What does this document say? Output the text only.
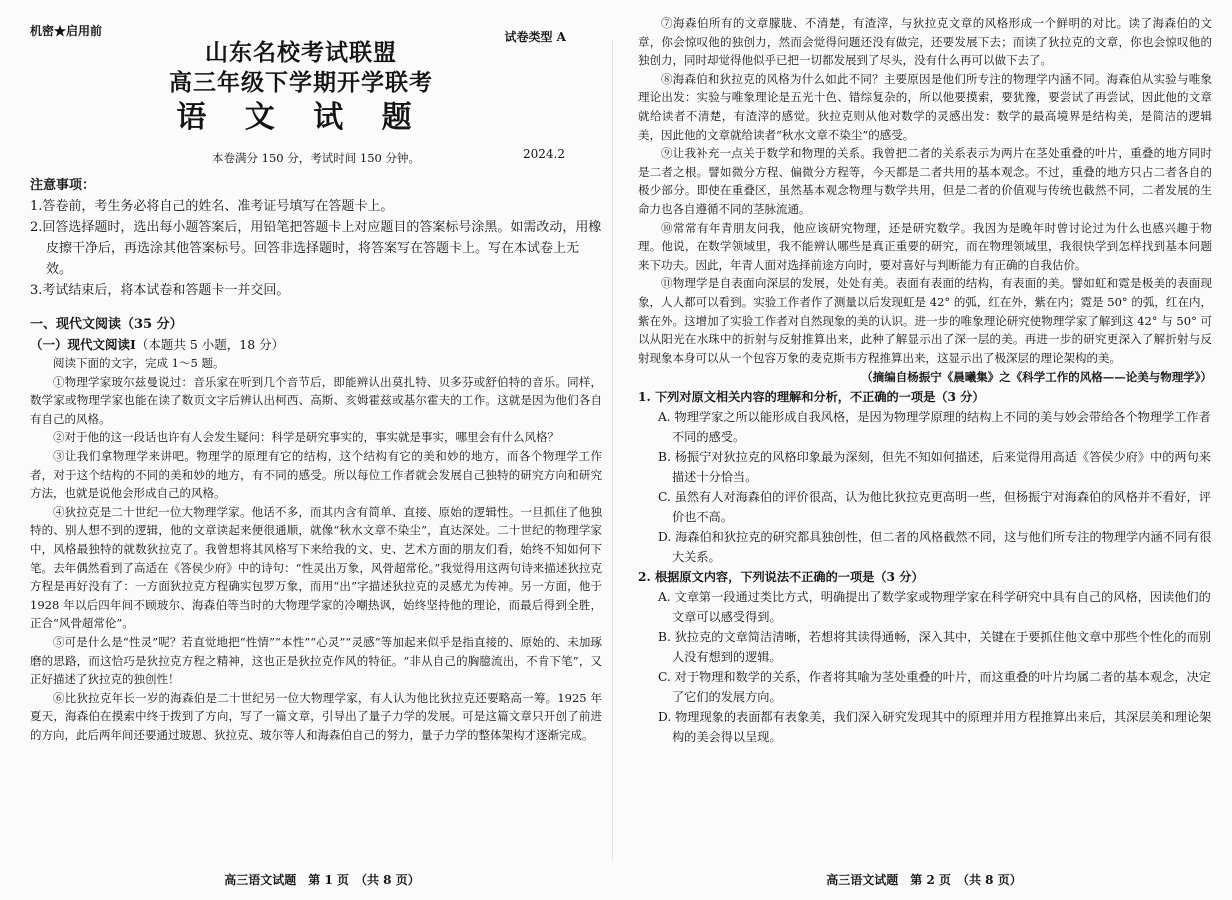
机密★启用前	试卷类型 A
山东名校考试联盟
高三年级下学期开学联考
语 文 试 题
2024.2
本卷满分 150 分，考试时间 150 分钟。
注意事项：
1.答卷前，考生务必将自己的姓名、准考证号填写在答题卡上。
2.回答选择题时，选出每小题答案后，用铅笔把答题卡上对应题目的答案标号涂黑。如需改动，用橡皮擦干净后，再选涂其他答案标号。回答非选择题时，将答案写在答题卡上。写在本试卷上无效。
3.考试结束后，将本试卷和答题卡一并交回。
一、现代文阅读（35 分）
（一）现代文阅读Ⅰ（本题共 5 小题，18 分）

阅读下面的文字，完成 1～5 题。

①物理学家玻尔兹曼说过：音乐家在听到几个音节后，即能辨认出莫扎特、贝多芬或舒伯特的音乐。同样，数学家或物理学家也能在读了数页文字后辨认出柯西、高斯、亥姆霍兹或基尔霍夫的工作。这就是因为他们各自有自己的风格。

②对于他的这一段话也许有人会发生疑问：科学是研究事实的，事实就是事实，哪里会有什么风格？

③让我们拿物理学来讲吧。物理学的原理有它的结构，这个结构有它的美和妙的地方，而各个物理学工作者，对于这个结构的不同的美和妙的地方，有不同的感受。所以每位工作者就会发展自己独特的研究方向和研究方法，也就是说他会形成自己的风格。

④狄拉克是二十世纪一位大物理学家。他话不多，而其内含有简单、直接、原始的逻辑性。一旦抓住了他独特的、别人想不到的逻辑，他的文章读起来便很通顺，就像“秋水文章不染尘”，直达深处。二十世纪的物理学家中，风格最独特的就数狄拉克了。我曾想将其风格写下来给我的文、史、艺术方面的朋友们看，始终不知如何下笔。去年偶然看到了高适在《答侯少府》中的诗句：“性灵出万象，风骨超常伦。”我觉得用这两句诗来描述狄拉克方程是再好没有了：一方面狄拉克方程确实包罗万象，而用“出”字描述狄拉克的灵感尤为传神。另一方面，他于 1928 年以后四年间不顾玻尔、海森伯等当时的大物理学家的冷嘲热讽，始终坚持他的理论，而最后得到全胜，正合“风骨超常伦”。

⑤可是什么是“性灵”呢？若直觉地把“性情”“本性”“心灵”“灵感”等加起来似乎是指直接的、原始的、未加琢磨的思路，而这恰巧是狄拉克方程之精神，这也正是狄拉克作风的特征。“非从自己的胸臆流出，不肯下笔”，又正好描述了狄拉克的独创性！

⑥比狄拉克年长一岁的海森伯是二十世纪另一位大物理学家，有人认为他比狄拉克还要略高一筹。1925 年夏天，海森伯在摸索中终于拨到了方向，写了一篇文章，引导出了量子力学的发展。可是这篇文章只开创了前进的方向，此后两年间还要通过玻恩、狄拉克、玻尔等人和海森伯自己的努力，量子力学的整体架构才逐渐完成。

高三语文试题　第 1 页　（共 8 页）

⑦海森伯所有的文章朦胧、不清楚，有渣滓，与狄拉克文章的风格形成一个鲜明的对比。读了海森伯的文章，你会惊叹他的独创力，然而会觉得问题还没有做完，还要发展下去；而读了狄拉克的文章，你也会惊叹他的独创力，同时却觉得他似乎已把一切都发展到了尽头，没有什么再可以做下去了。

⑧海森伯和狄拉克的风格为什么如此不同？主要原因是他们所专注的物理学内涵不同。海森伯从实验与唯象理论出发：实验与唯象理论是五光十色、错综复杂的，所以他要摸索，要犹豫，要尝试了再尝试，因此他的文章就给读者不清楚，有渣滓的感觉。狄拉克则从他对数学的灵感出发：数学的最高境界是结构美，是简洁的逻辑美，因此他的文章就给读者“秋水文章不染尘”的感受。

⑨让我补充一点关于数学和物理的关系。我曾把二者的关系表示为两片在茎处重叠的叶片，重叠的地方同时是二者之根。譬如微分方程、偏微分方程等，今天都是二者共用的基本观念。不过，重叠的地方只占二者各自的极少部分。即使在重叠区，虽然基本观念物理与数学共用，但是二者的价值观与传统也截然不同，二者发展的生命力也各自遵循不同的茎脉流通。

⑩常常有年青朋友问我，他应该研究物理，还是研究数学。我因为是晚年时曾讨论过为什么也感兴趣于物理。他说，在数学领域里，我不能辨认哪些是真正重要的研究，而在物理领域里，我很快学到怎样找到基本问题来下功夫。因此，年青人面对选择前途方向时，要对喜好与判断能力有正确的自我估价。

⑪物理学是自表面向深层的发展，处处有美。表面有表面的结构，有表面的美。譬如虹和霓是极美的表面现象，人人都可以看到。实验工作者作了测量以后发现虹是 42° 的弧，红在外，紫在内；霓是 50° 的弧，红在内，紫在外。这增加了实验工作者对自然现象的美的认识。进一步的唯象理论研究使物理学家了解到这 42° 与 50° 可以从阳光在水珠中的折射与反射推算出来，此种了解显示出了深一层的美。再进一步的研究更深入了解折射与反射现象本身可以从一个包容万象的麦克斯韦方程推算出来，这显示出了极深层的理论架构的美。

（摘编自杨振宁《晨曦集》之《科学工作的风格——论美与物理学》）
1. 下列对原文相关内容的理解和分析，不正确的一项是（3 分）
A. 物理学家之所以能形成自我风格，是因为物理学原理的结构上不同的美与妙会带给各个物理学工作者不同的感受。
B. 杨振宁对狄拉克的风格印象最为深刻，但先不知如何描述，后来觉得用高适《答侯少府》中的两句来描述十分恰当。
C. 虽然有人对海森伯的评价很高，认为他比狄拉克更高明一些，但杨振宁对海森伯的风格并不看好，评价也不高。
D. 海森伯和狄拉克的研究都具独创性，但二者的风格截然不同，这与他们所专注的物理学内涵不同有很大关系。
2. 根据原文内容，下列说法不正确的一项是（3 分）
A. 文章第一段通过类比方式，明确提出了数学家或物理学家在科学研究中具有自己的风格，因读他们的文章可以感受得到。
B. 狄拉克的文章简洁清晰，若想将其读得通畅，深入其中，关键在于要抓住他文章中那些个性化的而别人没有想到的逻辑。
C. 对于物理和数学的关系，作者将其喻为茎处重叠的叶片，而这重叠的叶片均属二者的基本观念，决定了它们的发展方向。
D. 物理现象的表面都有表象美，我们深入研究发现其中的原理并用方程推算出来后，其深层美和理论架构的美会得以呈现。
高三语文试题　第 2 页　（共 8 页）
